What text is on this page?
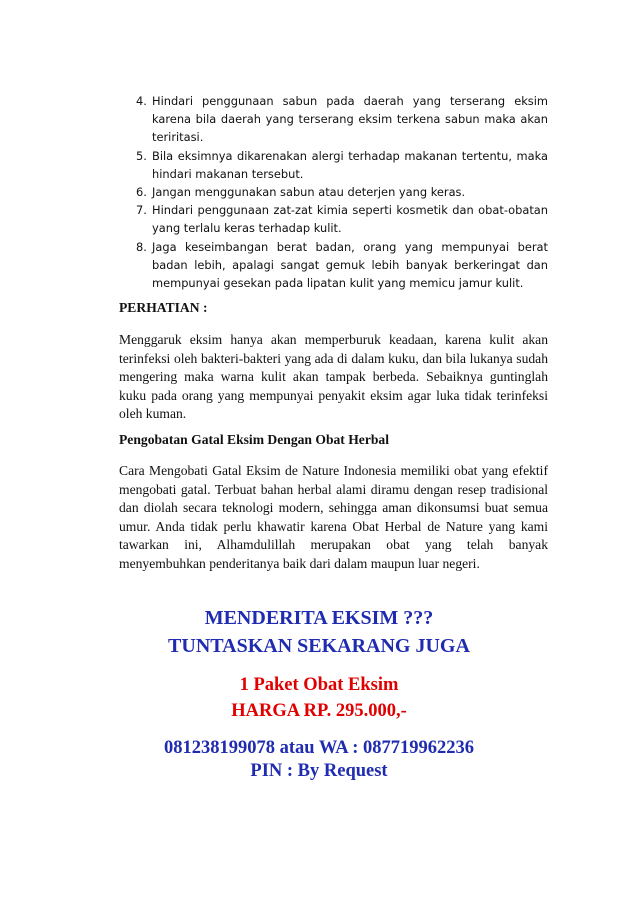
4. Hindari penggunaan sabun pada daerah yang terserang eksim karena bila daerah yang terserang eksim terkena sabun maka akan teriritasi.
5. Bila eksimnya dikarenakan alergi terhadap makanan tertentu, maka hindari makanan tersebut.
6. Jangan menggunakan sabun atau deterjen yang keras.
7. Hindari penggunaan zat-zat kimia seperti kosmetik dan obat-obatan yang terlalu keras terhadap kulit.
8. Jaga keseimbangan berat badan, orang yang mempunyai berat badan lebih, apalagi sangat gemuk lebih banyak berkeringat dan mempunyai gesekan pada lipatan kulit yang memicu jamur kulit.
PERHATIAN :

Menggaruk eksim hanya akan memperburuk keadaan, karena kulit akan terinfeksi oleh bakteri-bakteri yang ada di dalam kuku, dan bila lukanya sudah mengering maka warna kulit akan tampak berbeda. Sebaiknya guntinglah kuku pada orang yang mempunyai penyakit eksim agar luka tidak terinfeksi oleh kuman.

Pengobatan Gatal Eksim Dengan Obat Herbal

Cara Mengobati Gatal Eksim de Nature Indonesia memiliki obat yang efektif mengobati gatal. Terbuat bahan herbal alami diramu dengan resep tradisional dan diolah secara teknologi modern, sehingga aman dikonsumsi buat semua umur. Anda tidak perlu khawatir karena Obat Herbal de Nature yang kami tawarkan ini, Alhamdulillah merupakan obat yang telah banyak menyembuhkan penderitanya baik dari dalam maupun luar negeri.

MENDERITA EKSIM ???
TUNTASKAN SEKARANG JUGA
1 Paket Obat Eksim
HARGA RP. 295.000,-
081238199078 atau WA : 087719962236
PIN : By Request
